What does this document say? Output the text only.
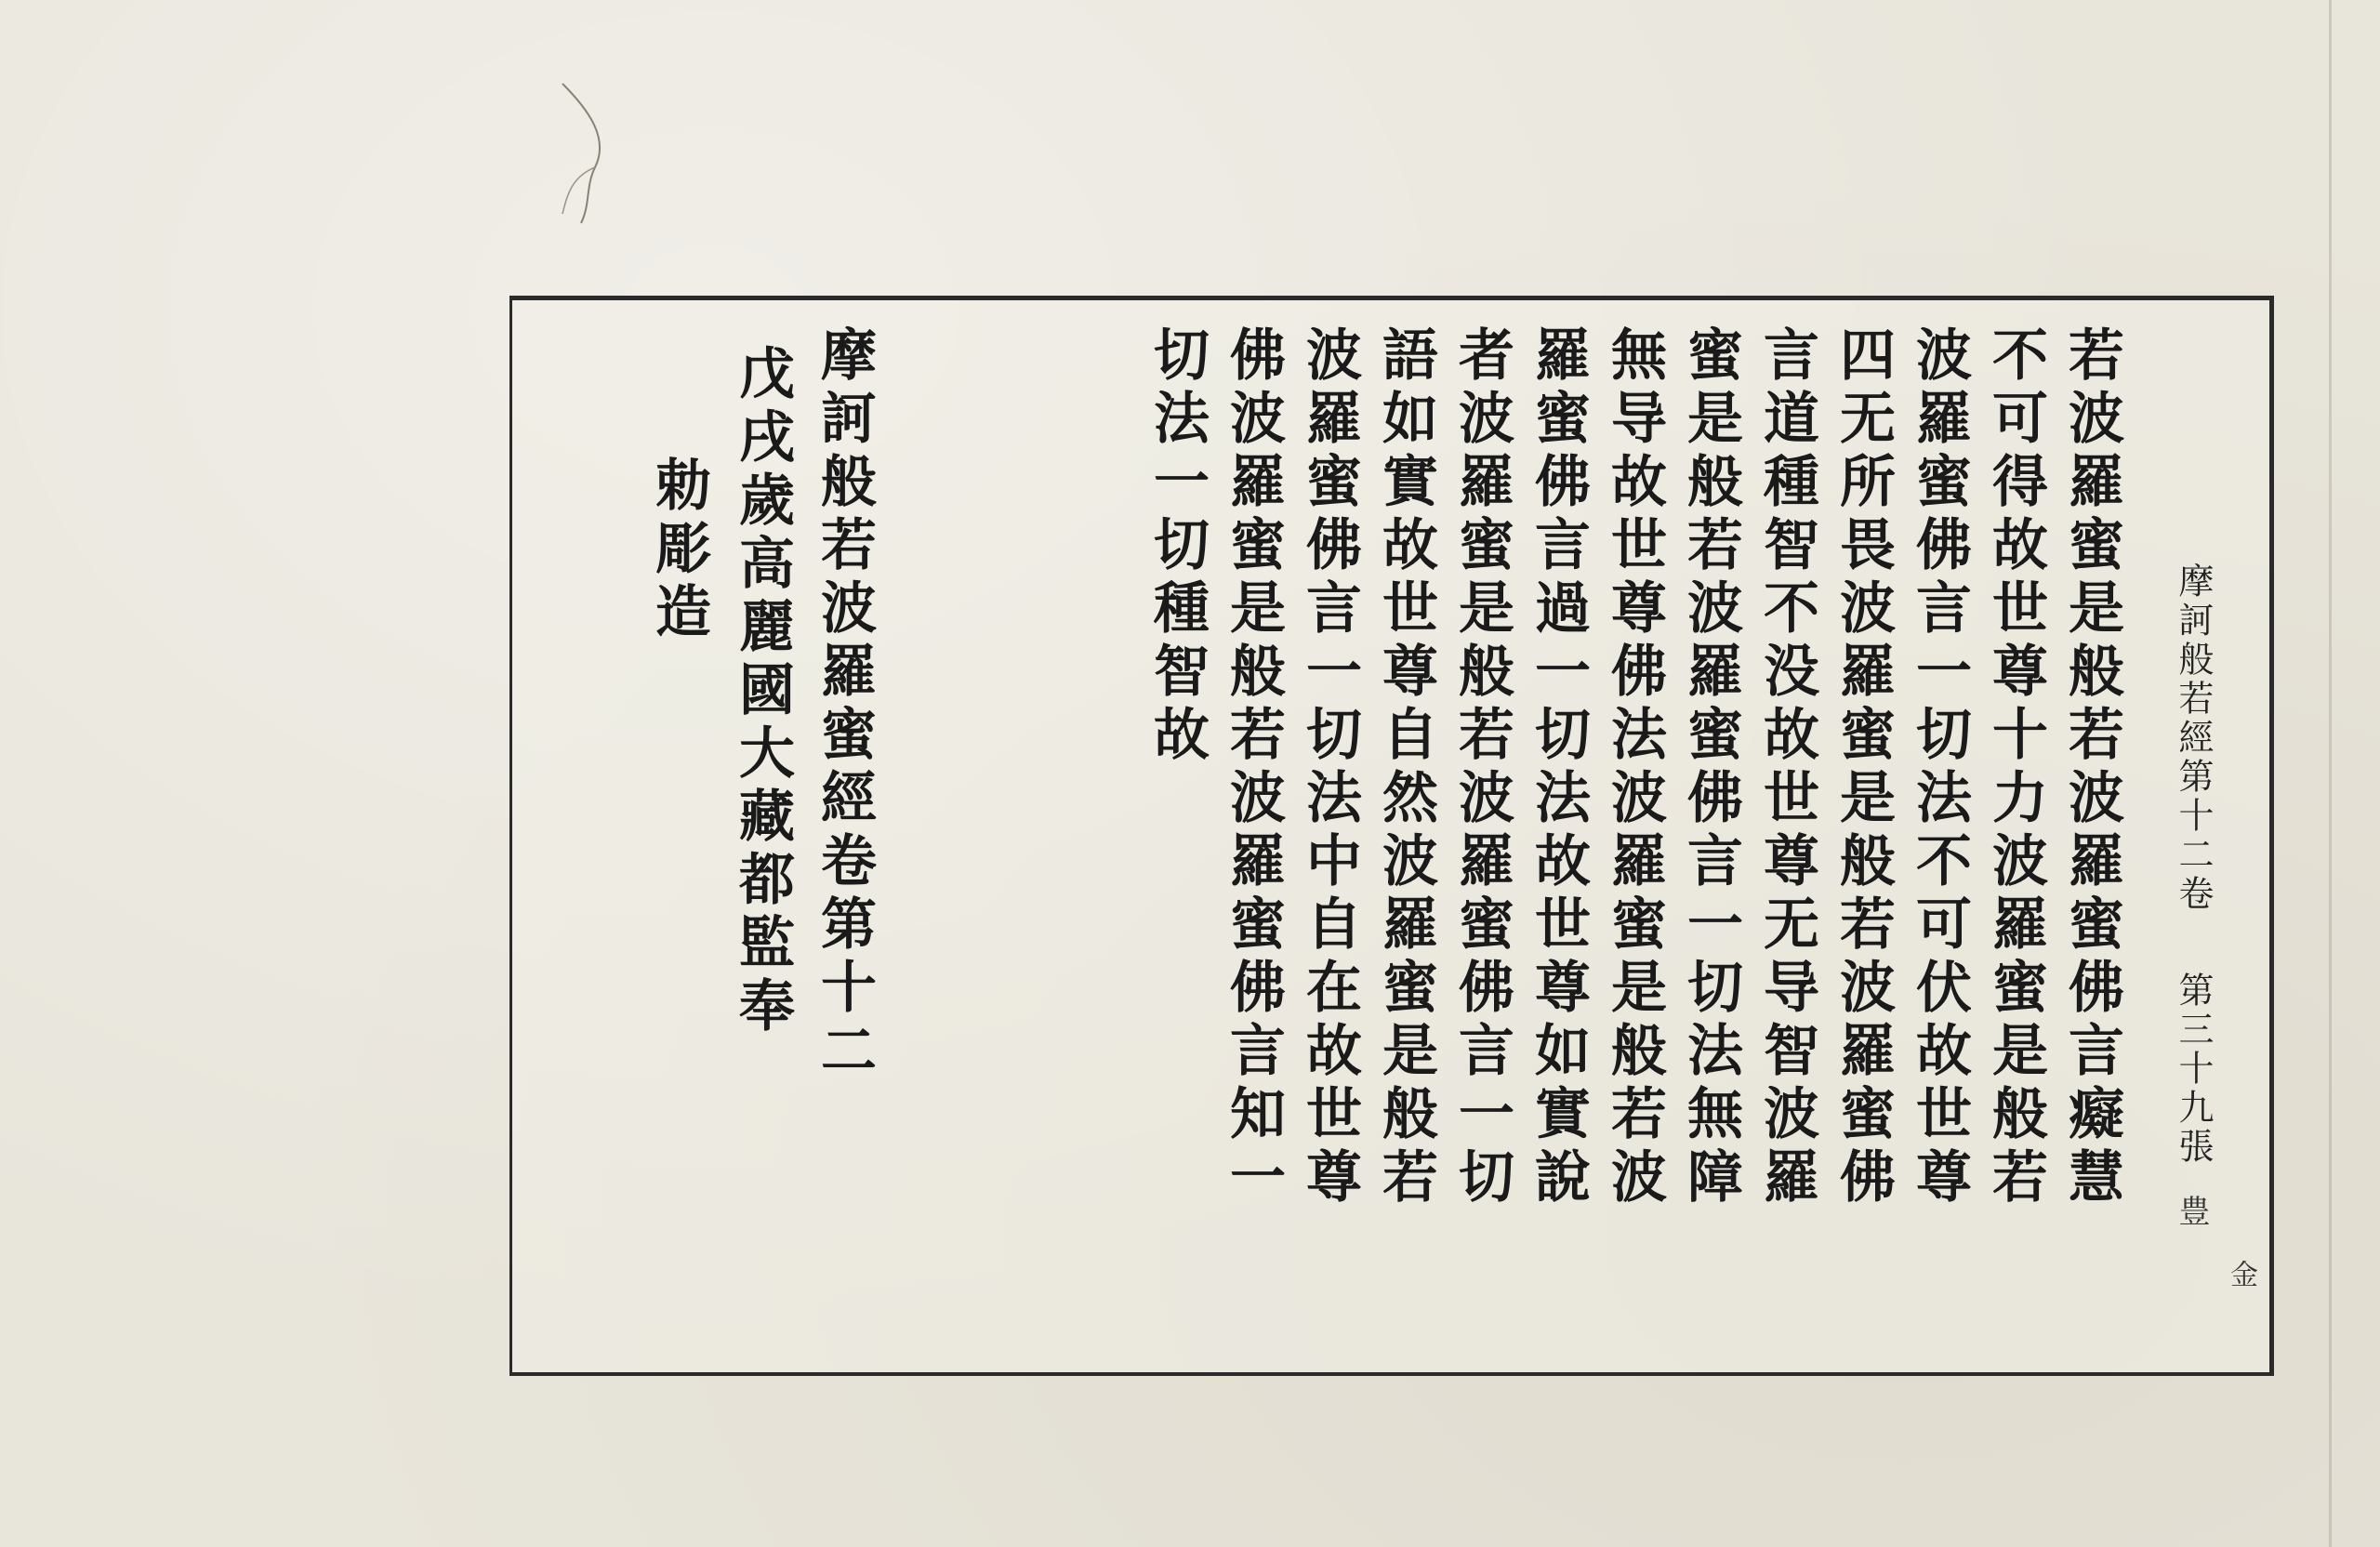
摩訶般若經第十二卷
第三十九張
豊
金
若波羅蜜是般若波羅蜜佛言癡慧
不可得故世尊十力波羅蜜是般若
波羅蜜佛言一切法不可伏故世尊
四无所畏波羅蜜是般若波羅蜜佛
言道種智不没故世尊无导智波羅
蜜是般若波羅蜜佛言一切法無障
無导故世尊佛法波羅蜜是般若波
羅蜜佛言過一切法故世尊如實說
者波羅蜜是般若波羅蜜佛言一切
語如實故世尊自然波羅蜜是般若
波羅蜜佛言一切法中自在故世尊
佛波羅蜜是般若波羅蜜佛言知一
切法一切種智故
摩訶般若波羅蜜經卷第十二
戊戌歲高麗國大藏都監奉
勅彫造
